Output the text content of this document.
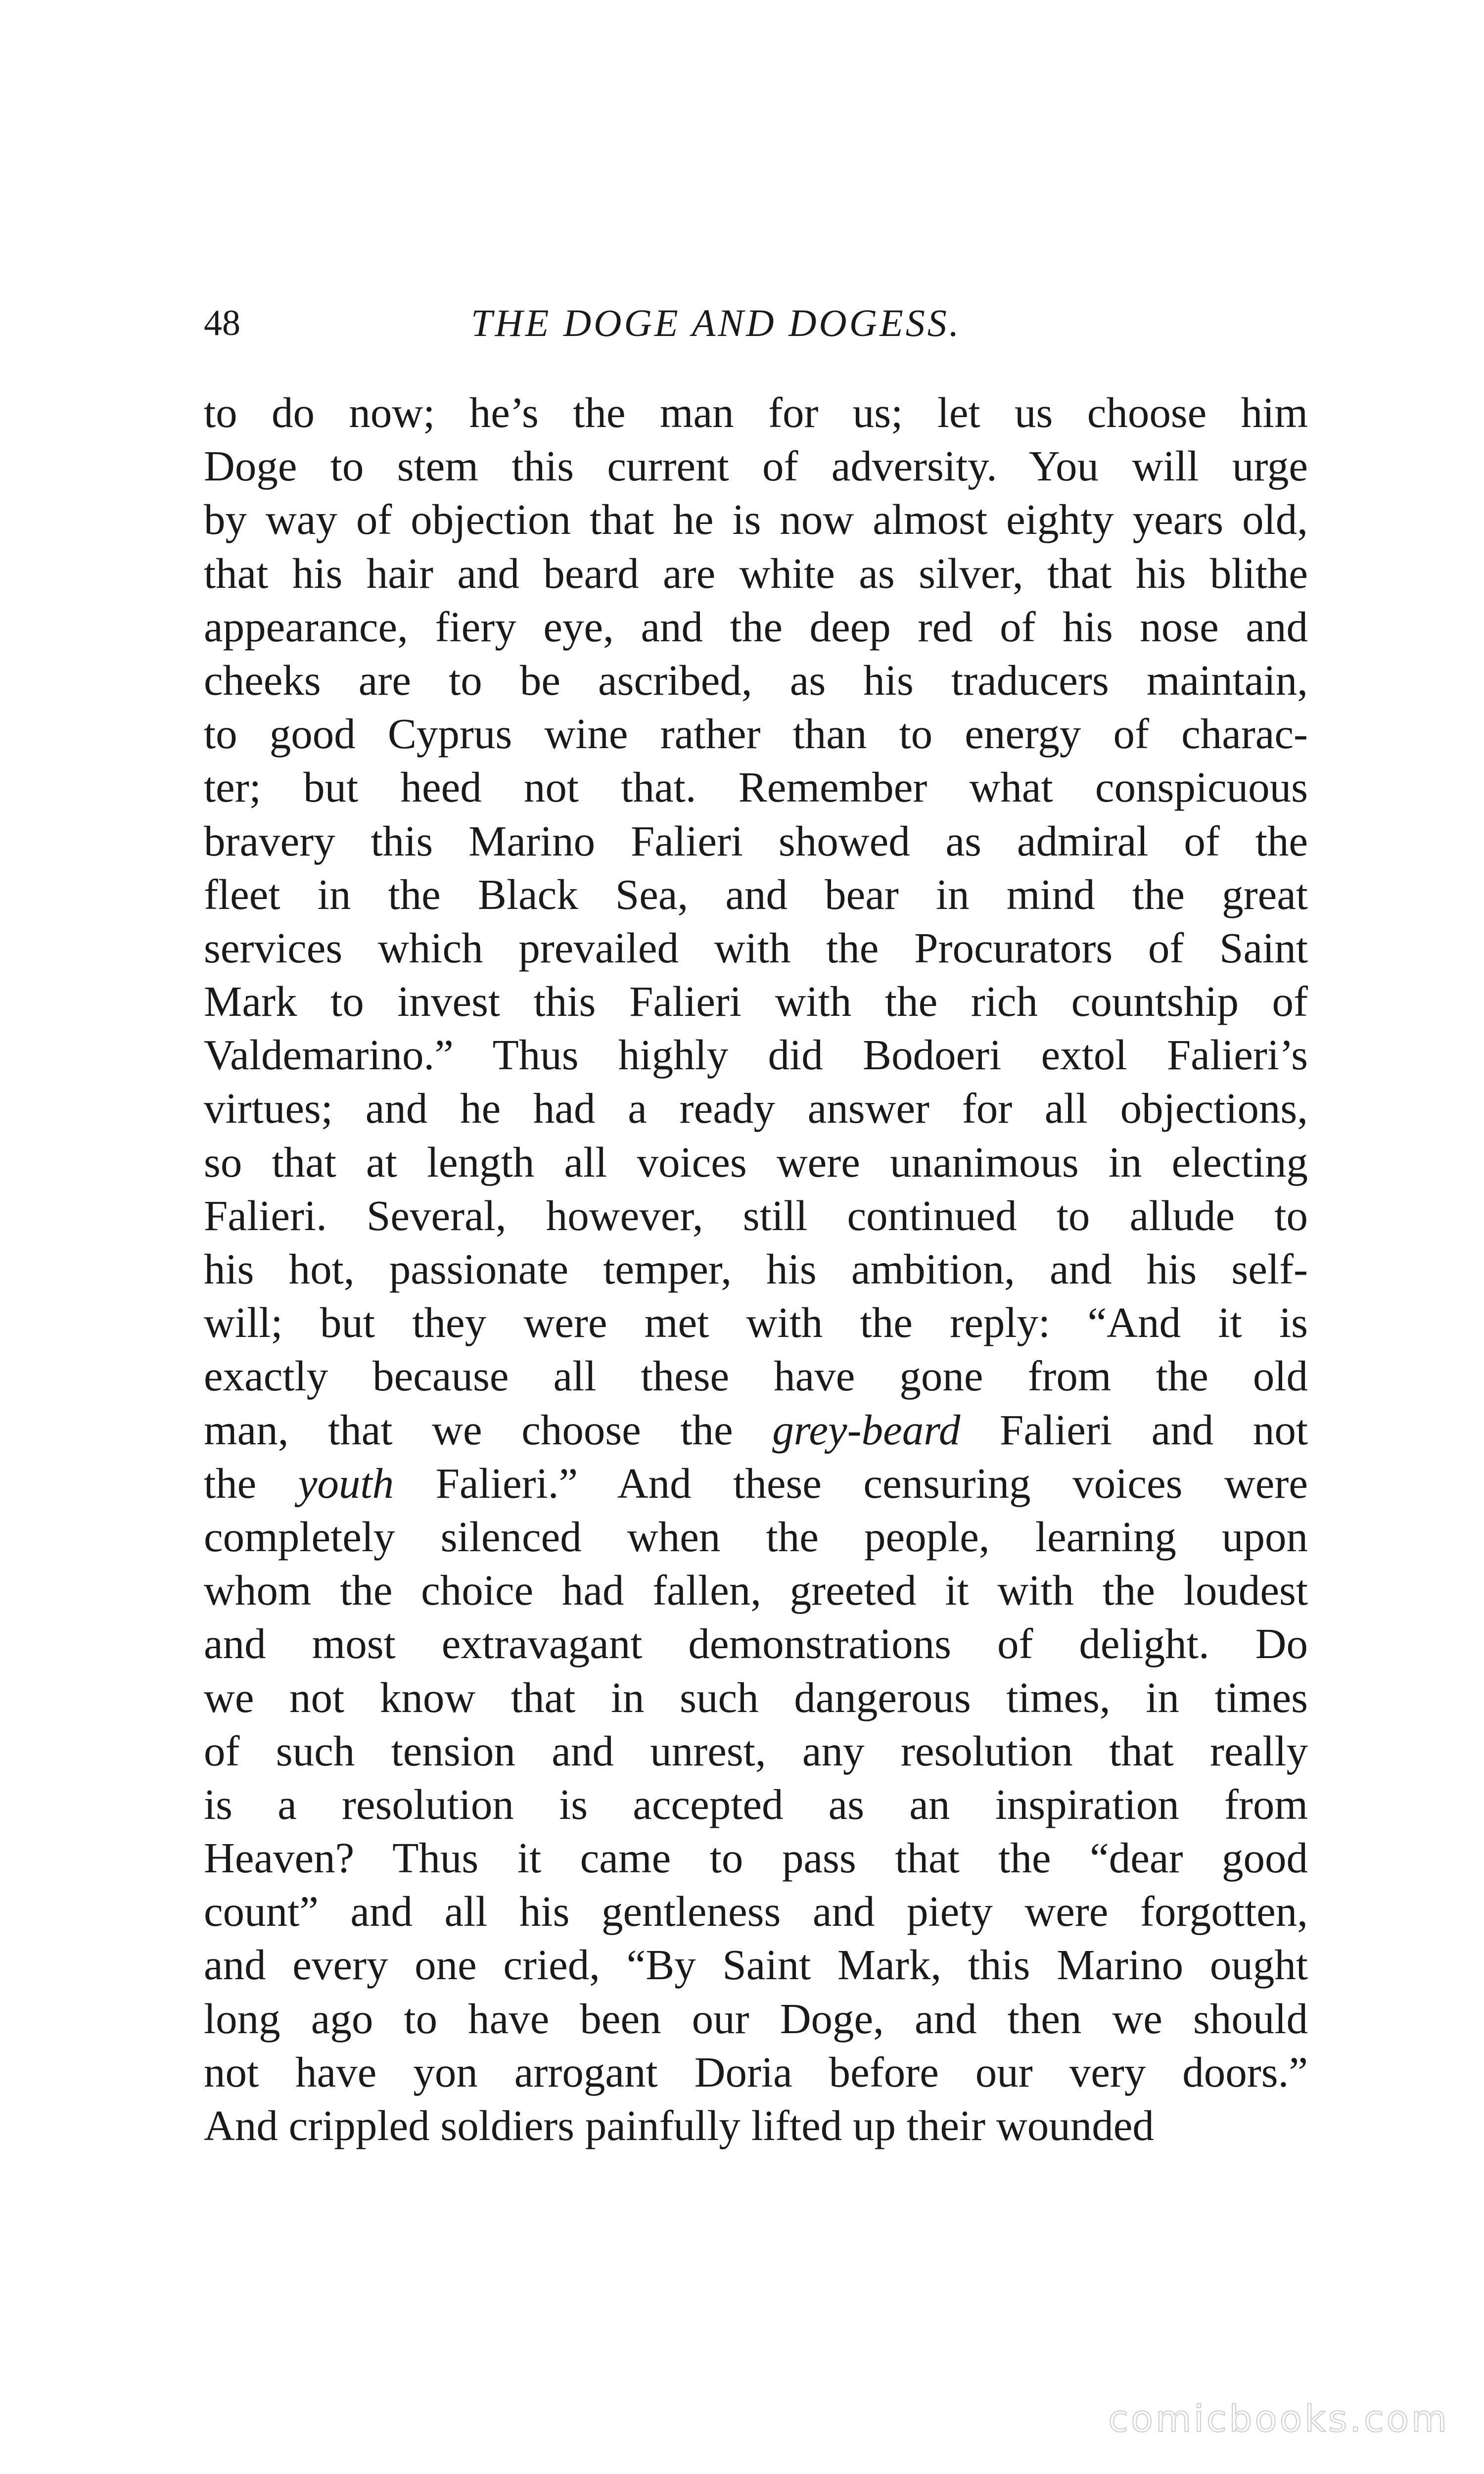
48	THE DOGE AND DOGESS.
to do now; he’s the man for us; let us choose him
Doge to stem this current of adversity. You will urge
by way of objection that he is now almost eighty years old,
that his hair and beard are white as silver, that his blithe
appearance, fiery eye, and the deep red of his nose and
cheeks are to be ascribed, as his traducers maintain,
to good Cyprus wine rather than to energy of charac-
ter; but heed not that. Remember what conspicuous
bravery this Marino Falieri showed as admiral of the
fleet in the Black Sea, and bear in mind the great
services which prevailed with the Procurators of Saint
Mark to invest this Falieri with the rich countship of
Valdemarino.” Thus highly did Bodoeri extol Falieri’s
virtues; and he had a ready answer for all objections,
so that at length all voices were unanimous in electing
Falieri. Several, however, still continued to allude to
his hot, passionate temper, his ambition, and his self-
will; but they were met with the reply: “And it is
exactly because all these have gone from the old
man, that we choose the grey-beard Falieri and not
the youth Falieri.” And these censuring voices were
completely silenced when the people, learning upon
whom the choice had fallen, greeted it with the loudest
and most extravagant demonstrations of delight. Do
we not know that in such dangerous times, in times
of such tension and unrest, any resolution that really
is a resolution is accepted as an inspiration from
Heaven? Thus it came to pass that the “dear good
count” and all his gentleness and piety were forgotten,
and every one cried, “By Saint Mark, this Marino ought
long ago to have been our Doge, and then we should
not have yon arrogant Doria before our very doors.”
And crippled soldiers painfully lifted up their wounded
comicbooks.com
